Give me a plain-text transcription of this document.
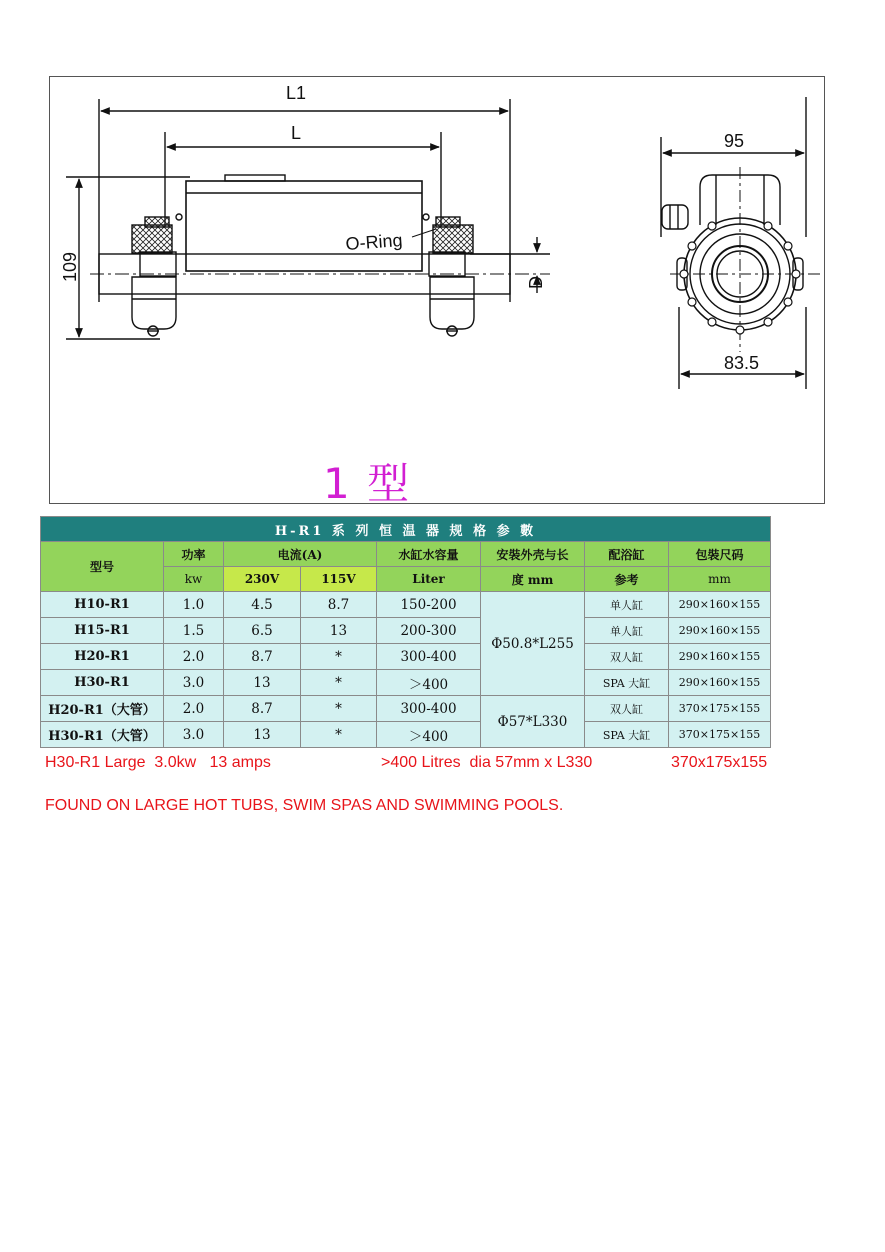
L1
L
109
D
O-Ring
95
83.5
1 型
H-R1 系 列 恒 温 器 规 格 参 數							
型号	功率	电流(A)		水缸水容量	安裝外壳与长	配浴缸	包裝尺码
	kw	230V	115V	Liter	度 mm	参考	mm
H10-R1	1.0	4.5	8.7	150-200	Φ50.8*L255	单人缸	290×160×155
H15-R1	1.5	6.5	13	200-300		单人缸	290×160×155
H20-R1	2.0	8.7	*	300-400		双人缸	290×160×155
H30-R1	3.0	13	*	＞400		SPA 大缸	290×160×155
H20-R1（大管）	2.0	8.7	*	300-400	Φ57*L330	双人缸	370×175×155
H30-R1（大管）	3.0	13	*	＞400		SPA 大缸	370×175×155
H30-R1 Large  3.0kw   13 amps	>400 Litres  dia 57mm x L330	370x175x155
FOUND ON LARGE HOT TUBS, SWIM SPAS AND SWIMMING POOLS.
